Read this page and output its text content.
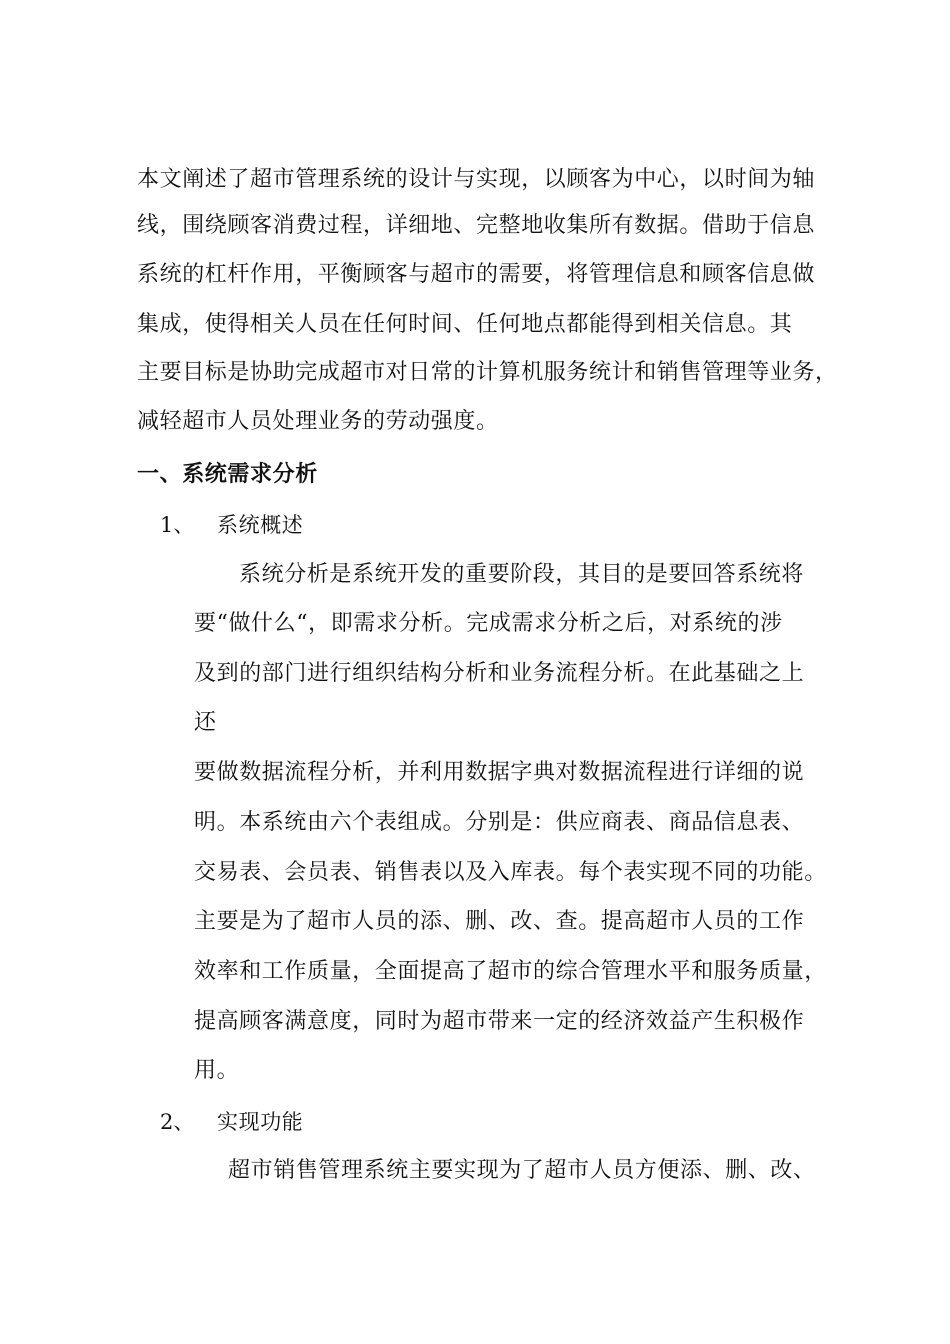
本文阐述了超市管理系统的设计与实现，以顾客为中心，以时间为轴

线，围绕顾客消费过程，详细地、完整地收集所有数据。借助于信息

系统的杠杆作用，平衡顾客与超市的需要，将管理信息和顾客信息做

集成，使得相关人员在任何时间、任何地点都能得到相关信息。其

主要目标是协助完成超市对日常的计算机服务统计和销售管理等业务，

减轻超市人员处理业务的劳动强度。

一、系统需求分析
1、 系统概述

系统分析是系统开发的重要阶段，其目的是要回答系统将

要“做什么“，即需求分析。完成需求分析之后，对系统的涉

及到的部门进行组织结构分析和业务流程分析。在此基础之上

还

要做数据流程分析，并利用数据字典对数据流程进行详细的说

明。本系统由六个表组成。分别是：供应商表、商品信息表、

交易表、会员表、销售表以及入库表。每个表实现不同的功能。

主要是为了超市人员的添、删、改、查。提高超市人员的工作

效率和工作质量，全面提高了超市的综合管理水平和服务质量，

提高顾客满意度，同时为超市带来一定的经济效益产生积极作

用。

2、 实现功能

超市销售管理系统主要实现为了超市人员方便添、删、改、
